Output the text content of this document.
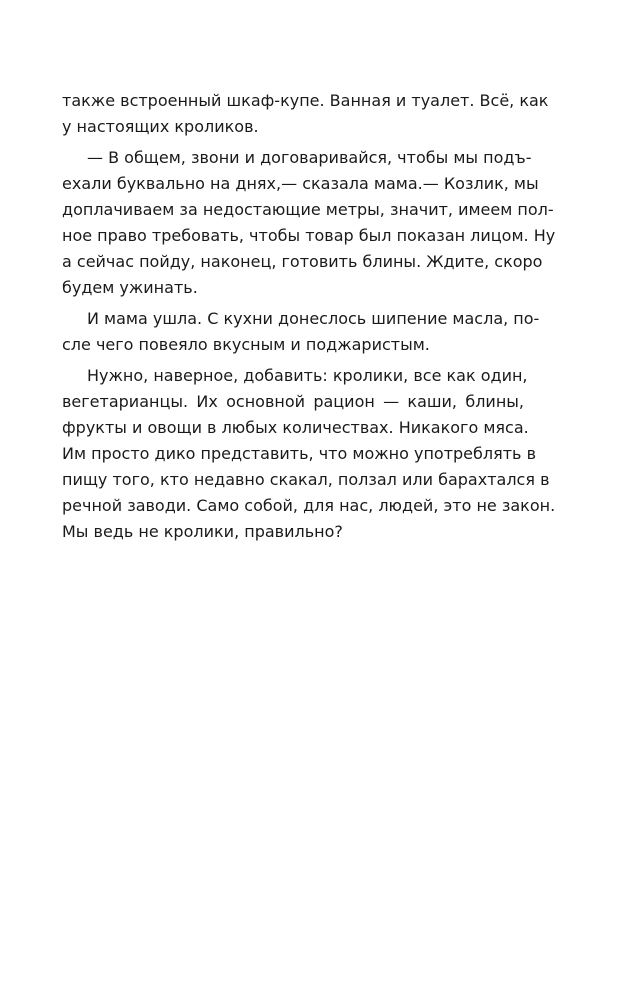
также встроенный шкаф-купе. Ванная и туалет. Всё, как
у настоящих кроликов.
— В общем, звони и договаривайся, чтобы мы подъ-
ехали буквально на днях,— сказала мама.— Козлик, мы
доплачиваем за недостающие метры, значит, имеем пол-
ное право требовать, чтобы товар был показан лицом. Ну
а сейчас пойду, наконец, готовить блины. Ждите, скоро
будем ужинать.
И мама ушла. С кухни донеслось шипение масла, по-
сле чего повеяло вкусным и поджаристым.
Нужно, наверное, добавить: кролики, все как один,
вегетарианцы. Их основной рацион — каши, блины,
фрукты и овощи в любых количествах. Никакого мяса.
Им просто дико представить, что можно употреблять в
пищу того, кто недавно скакал, ползал или барахтался в
речной заводи. Само собой, для нас, людей, это не закон.
Мы ведь не кролики, правильно?
